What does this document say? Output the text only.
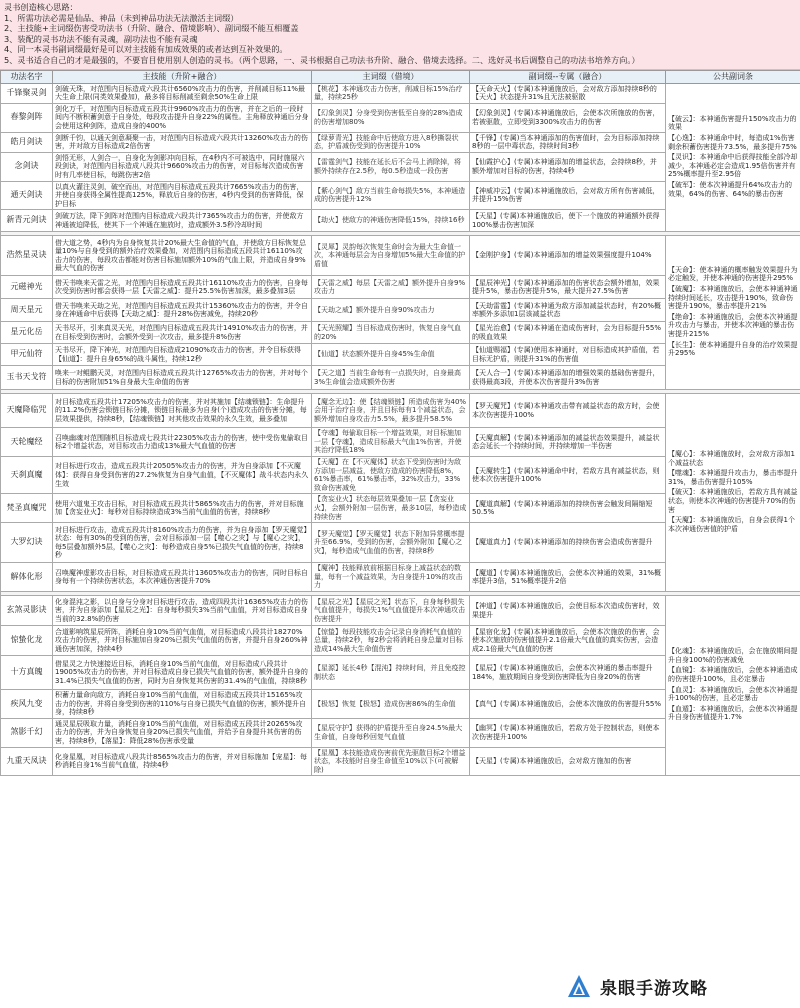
灵书创造核心思路：
1、所需功法必需是仙品、神品（未到神品功法无法激活主词缀）
2、主技能+主词缀伤害受功法书（升阶、融合、借境影响）、副词缀不能互相覆盖
3、装配的灵书功法不能有灵魂，副功法也不能有灵魂
4、同一本灵书副词缀最好是可以对主技能有加成效果的或者达到互补效果的。
5、灵书适合自己的才是最强的，不要盲目使用别人创造的灵书。（两个思路，一、灵书根据自己功法书升阶、融合、借境去选择。二、选好灵书后调整自己的功法书培养方向。）
功法名字	主技能（升阶+融合）	主词缀（借境）	副词缀--专属（融合）	公共副词条
千锋聚灵剑	剑破天珠，对范围内目标造成六段共计6560%攻击力的伤害，并削减目标11%最大生命上限(同类效果叠加)，最多将目标削减至剩余50%生命上限	【桃花】本神通攻击力伤害，削减目标15%治疗量，持续25秒	【天命天火】(专属)本神通施放后，会对敌方添加持续8秒的【天火】状态提升31%且无法被驱散	【破云】：本神通伤害提升150%攻击力的效果
【心逸】：本神通命中时，每造成1%伤害剩余积蓄伤害提升73.5%，最多提升75%
【灵识】：本神通命中后获得技能全部冷却减少，本神通必定会造成1.95倍伤害并有25%概率提升至2.95倍
【破军】：使本次神通提升64%攻击力的效果，64%的伤害、64%的暴击伤害

春黎剑阵	剑化万千，对范围内目标造成五段共计9960%攻击力的伤害，并在之后的一段时间内不断积蓄剑意于自身处，每段攻击提升自身22%的属性。主角释放神通后分身会使用这种剑阵，造成自身的400%	【幻象剑灵】分身受到伤害低至自身的28%造成的伤害增加80%	【幻象剑灵】(专属)本神通施放后，会使本次所施放的伤害，若被驱散，立即受到3300%攻击力的伤害	
皓月剑诀	剑断千钧，以通天剑意凝聚一击，对范围内目标造成六段共计13260%攻击力的伤害，并对敌方目标造成2倍伤害	【绿萝青光】技能命中后使敌方进入8秒撕裂状态，护盾减伤受到的伤害提升10%	【千锋】(专属)当本神通添加的伤害值时，会为目标添加持续8秒的一层中毒状态，持续时间3秒	
念剑诀	剑悟无形，人剑合一，自身化为剑影冲向目标，在4秒内不可被选中，同时施展六段剑诀，对范围内目标造成八段共计9660%攻击力的伤害，对目标每次造成伤害时有几率使目标，每跳伤害2倍	【雷霆剑气】技能在延长后不会马上消除掉，将额外持续存在2.5秒，每0.5秒造成一段伤害	【仙霞护心】(专属)本神通添加的增益状态，会持续8秒，并额外增加对目标的伤害，持续4秒	
通天剑诀	以真火灌注灵剑，破空而出，对范围内目标造成五段共计7665%攻击力的伤害，并使自身获得全属性提高125%，释放后自身的伤害，4秒内受到的伤害降低，保护目标	【紫心剑气】敌方当前生命每损失5%，本神通造成的伤害提升12%	【神威冲云】(专属)本神通施放后，会对敌方所有伤害减低，并提升15%伤害	
新青元剑诀	剑破万法，降下剑阵对范围内目标造成六段共计7365%攻击力的伤害，并使敌方神通被迫降低，使其下一个神通在施放时，造成额外3.5秒冷却时间	【劫火】使敌方的神通伤害降低15%，持续16秒	【天星】(专属)本神通施放后，使下一个施放的神通额外获得100%暴击伤害加深	

浩然星灵诀	借大道之势，4秒内为自身恢复共计20%最大生命值的气血，并使敌方目标恢复总量10%与自身受到的额外治疗效果叠加，对范围内目标造成五段共计16110%攻击力的伤害，每段攻击都能对伤害目标施加额外10%的气血上限，并造成自身9%最大气血的伤害	【灵犀】灵韵每次恢复生命时会为最大生命值一次，本神通每层会为自身增加5%最大生命值的护盾值	【金刚护身】(专属)本神通添加的增益效果强度提升104%	【天命】：使本神通的概率触发效果提升为必定触发，并使本神通的伤害提升295%
【破魔】：本神通施放后，会使本神通神通持续时间延长，攻击提升190%，致命伤害提升190%，暴击率提升21%
【绝命】：本神通施放后，会使本次神通提升攻击力与暴击，并使本次神通的暴击伤害提升215%
【长生】：使本神通提升自身的治疗效果提升295%

元磁神光	借天书唤来天雷之光，对范围内目标造成五段共计16110%攻击力的伤害，自身每次受到伤害时都会获得一层【天雷之威】：提升25.5%伤害加深，最多叠加3层	【天雷之威】每层【天雷之威】额外提升自身9%攻击力	【星辰神光】(专属)本神通添加的伤害状态会额外增加，效果提升5%，暴击伤害提升5%，最大提升27.5%伤害	
周天星元	借天书唤来天劫之光，对范围内目标造成五段共计15360%攻击力的伤害，并令自身在神通命中后获得【天劫之威】：提升28%伤害减免，持续20秒	【天劫之威】额外提升自身90%攻击力	【天劫雷霆】(专属)本神通为敌方添加减益状态时，有20%概率额外多添加1层该减益状态	
星元化岳	天书尽开，引来真灵天光，对范围内目标造成五段共计14910%攻击力的伤害，并在目标受到伤害时，会额外受到一次攻击，最多提升8%伤害	【天光照耀】当目标造成伤害时，恢复自身气血的20%	【星光治愈】(专属)本神通在造成伤害时，会为目标提升55%的吸血效果	
甲元仙符	天书尽开，降下神光，对范围内目标造成21090%攻击力的伤害，并令目标获得【仙道】：提升自身65%的战斗属性，持续12秒	【仙道】状态额外提升自身45%生命值	【仙道赐福】(专属)使用本神通时，对目标造成其护盾值，若目标无护盾，则提升31%的伤害值	
玉书天戈符	唤来一对鲲鹏天灵，对范围内目标造成五段共计12765%攻击力的伤害，并对每个目标的伤害附加51%自身最大生命值的伤害	【天之道】当前生命每有一点损失时，自身最高3%生命值会造成额外伤害	【天人合一】(专属)本神通添加的增强效果的基础伤害提升，获得最高3段，并使本次伤害提升3%伤害	

天魔降临咒	对目标造成五段共计17205%攻击力的伤害，并对其施加【结魂锁链】：生命提升的11.2%伤害会锁链目标分摊，锁链目标最多为自身(个)造成攻击的伤害分摊，每层效果提供，持续8秒，【结魂锁链】对其他攻击效果的永久生效，最多叠加	【魔念无边】：使【结魂锁链】所造成伤害为40%会用于治疗自身，并且目标每有1个减益状态，会额外增加自身攻击力5.5%，最多提升58.5%	【罗天魔咒】(专属)本神通攻击带有减益状态的敌方时，会使本次伤害提升100%	【魔心】：本神通施放时，会对敌方添加1个减益状态
【噬魂】：本神通提升攻击力，暴击率提升31%，暴击伤害提升105%
【破灭】：本神通施放后，若敌方具有减益状态，则使本次神通的伤害提升70%的伤害
【天魔】：本神通施放后，自身会获得1个本次神通伤害值的护盾

天轮魔经	召唤幽魂对范围随机目标造成七段共计22305%攻击力的伤害，使中受伤鬼偷取目标2个增益状态，对目标攻击力造成13%最大气血值的伤害	【夺魂】每偷取目标一个增益效果，对目标施加一层【夺魂】，造成目标最大气血1%伤害，并使其治疗降低18%	【天魔真解】(专属)本神通添加的减益状态效果提升，减益状态会延长一个持续时间，并持续增加一半伤害	
天刹真魔	对目标进行攻击，造成五段共计20505%攻击力的伤害，并为自身添加【不灭魔体】：获得自身受到伤害的27.2%恢复为自身气血值，【不灭魔体】战斗状态内永久生效	【天魔】在【不灭魔体】状态下受到伤害时为敌方添加一层减益，使敌方造成的伤害降低8%，61%暴击率，61%暴击率，32%攻击力，33%致命伤害减免	【天魔转生】(专属)本神通命中时，若敌方具有减益状态，则使本次伤害提升100%	
梵圣真魔咒	使用六道鬼王攻击目标，对目标造成五段共计5865%攻击力的伤害，并对目标施加【贪妄业火】：每秒对目标持续造成3%当前气血值的伤害，持续8秒	【贪妄业火】状态每层效果叠加一层【贪妄业火】，会额外附加一层伤害，最多10层，每秒造成持续伤害	【魔道真解】(专属)本神通添加的持续伤害会触发间隔缩短50.5%	
大罗幻诀	对目标进行攻击，造成五段共计8160%攻击力的伤害，并为自身添加【罗天魔觉】状态：每有30%的受到的伤害，会对目标添加一层【噬心之灾】与【魔心之灾】，每5层叠加额外5层，【噬心之灾】：每秒造成自身5%已损失气血值的伤害，持续8秒	【罗天魔觉】【罗天魔觉】状态下附加异常概率提升至66.9%，受到的伤害，会额外附加【魔心之灾】，每秒造成气血值的伤害，持续8秒	【魔道真力】(专属)本神通添加的持续伤害会造成伤害提升	
解体化形	召唤魔神虚影攻击目标，对目标造成五段共计13605%攻击力的伤害，同时目标自身每有一个持续伤害状态，本次神通伤害提升70%	【魔神】技能释放前根据目标身上减益状态的数量，每有一个减益效果，为自身提升10%的攻击力	【魔道】(专属)本神通施放后，会使本次神通的效果，31%概率提升3倍，51%概率提升2倍	

玄煞灵影诀	化身混沌之影，以自身与分身对目标进行攻击，造成四段共计16365%攻击力的伤害，并为自身添加【星辰之光】：自身每秒损失3%当前气血值，并对目标造成自身当前的32.8%的伤害	【星辰之光】【星辰之光】状态下，自身每秒损失气血值提升，每损失1%气血值提升本次神通攻击伤害提升	【神道】(专属)本神通施放后，会使目标本次造成伤害时，效果提升	【化魂】：本神通施放后，会在施放期间提升自身100%的伤害减免
【血镜】：本神通施放后，会使本神通造成的伤害提升100%，且必定暴击
【血灵】：本神通施放后，会使本次神通提升100%的伤害，且必定暴击
【血遁】：本神通施放后，会使本次神通提升自身伤害值提升1.7%

惊蛰化龙	合道影响筑星辰所阵，消耗自身10%当前气血值，对目标造成八段共计18270%攻击力的伤害，并对目标施加自身20%已损失气血值的伤害，并提升自身260%神通伤害加深，持续4秒	【惊蛰】每段技能攻击会记录自身消耗气血值的总量，持续2秒，每2秒会将消耗自身总量对目标造成14%最大生命值伤害	【星宿化龙】(专属)本神通施放后，会使本次施放的伤害，会使本次施放的伤害值提升2.1倍最大气血值的真实伤害，会造成2.1倍最大气血值的伤害	
十方真魄	借星灵之力快速接近目标，消耗自身10%当前气血值，对目标造成八段共计19005%攻击力的伤害，并对目标造成自身已损失气血值的伤害，额外提升自身的31.4%已损失气血值的伤害，同时为自身恢复其伤害的31.4%的气血值，持续8秒	【星源】延长4秒【混沌】持续时间，并且免疫控制状态	【星辰】(专属)本神通施放后，会使本次神通的暴击率提升184%，施放期间自身受到伤害降低为自身20%的伤害	
疾风九变	积蓄力量命向敌方，消耗自身10%当前气血值，对目标造成五段共计15165%攻击力的伤害，并将自身受到伤害的110%与自身已损失气血值的伤害，额外提升自身，持续8秒	【极怒】恢复【极怒】造成伤害86%的生命值	【真气】(专属)本神通施放后，会使本次施放的伤害提升55%	
煞影千幻	通灵星辰吸取力量，消耗自身10%当前气血值，对目标造成五段共计20265%攻击力的伤害，并为自身恢复自身20%已损失气血值，并给予自身提升其伤害的伤害，持续8秒，【落星】：降低28%伤害承受量	【星辰守护】获得的护盾提升至自身24.5%最大生命值，自身每秒回复气血值	【幽冥】(专属)本神通施放后，若敌方处于控制状态，则使本次伤害提升100%	
九重天凤诀	化身星凰，对目标造成八段共计8565%攻击力的伤害，并对目标施加【宠星】：每秒消耗自身1%当前气血值，持续4秒	【星凰】本技能造成伤害前优先驱散目标2个增益状态，本技能时自身生命值至10%以下(可被解除)	【天星】(专属)本神通施放后，会对敌方施加的伤害	
泉眼手游攻略
